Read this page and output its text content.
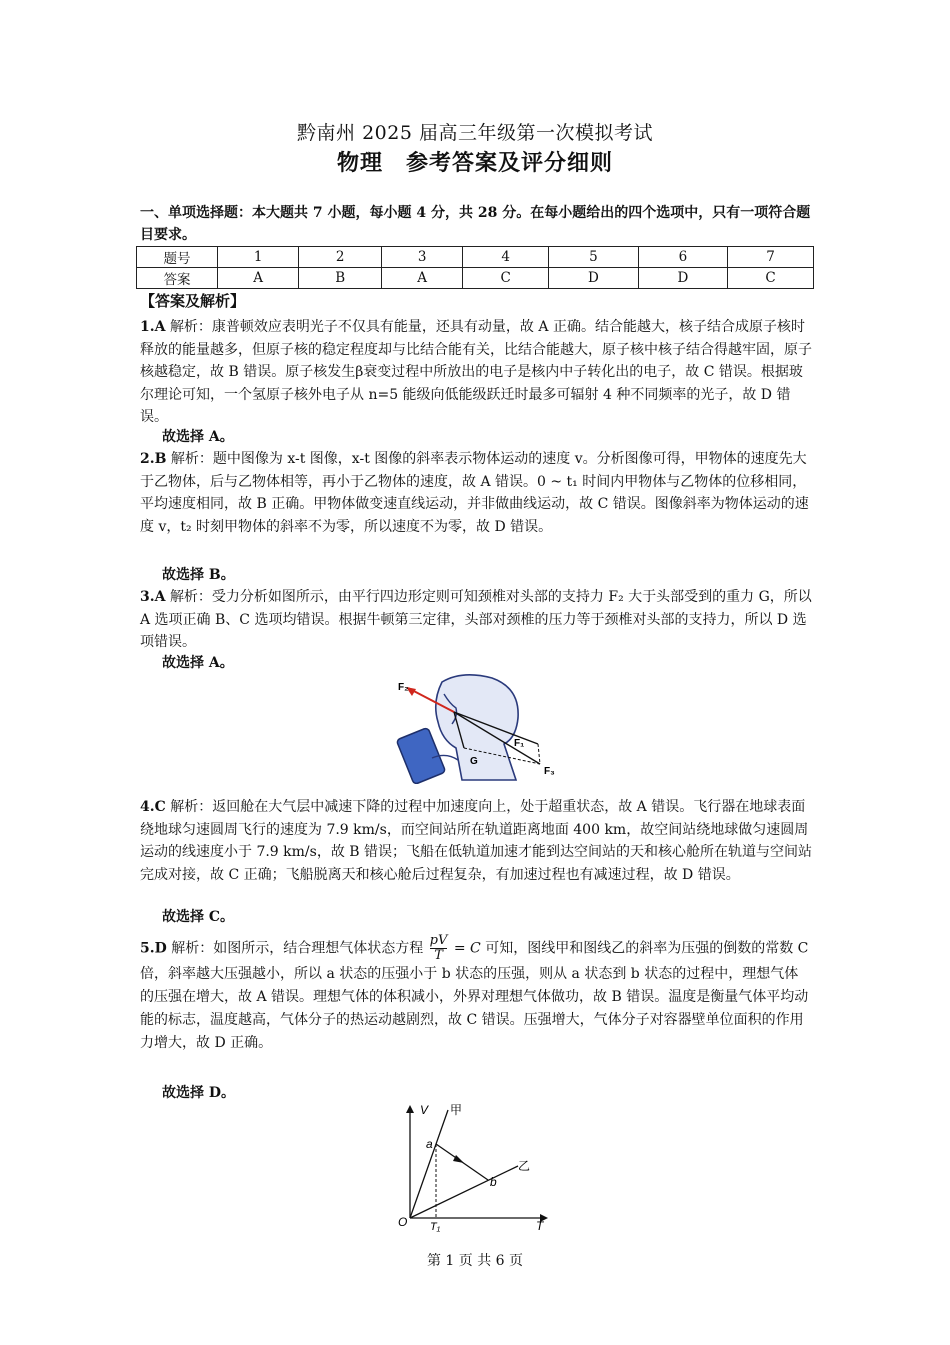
黔南州 2025 届高三年级第一次模拟考试
物理　参考答案及评分细则
一、单项选择题：本大题共 7 小题，每小题 4 分，共 28 分。在每小题给出的四个选项中，只有一项符合题目要求。
题号	1	2	3	4	5	6	7
答案	A	B	A	C	D	D	C
【答案及解析】

1.A 解析：康普顿效应表明光子不仅具有能量，还具有动量，故 A 正确。结合能越大，核子结合成原子核时释放的能量越多，但原子核的稳定程度却与比结合能有关，比结合能越大，原子核中核子结合得越牢固，原子核越稳定，故 B 错误。原子核发生β衰变过程中所放出的电子是核内中子转化出的电子，故 C 错误。根据玻尔理论可知，一个氢原子核外电子从 n=5 能级向低能级跃迁时最多可辐射 4 种不同频率的光子，故 D 错误。

故选择 A。

2.B 解析：题中图像为 x-t 图像，x-t 图像的斜率表示物体运动的速度 v。分析图像可得，甲物体的速度先大于乙物体，后与乙物体相等，再小于乙物体的速度，故 A 错误。0 ~ t₁ 时间内甲物体与乙物体的位移相同，平均速度相同，故 B 正确。甲物体做变速直线运动，并非做曲线运动，故 C 错误。图像斜率为物体运动的速度 v，t₂ 时刻甲物体的斜率不为零，所以速度不为零，故 D 错误。

故选择 B。

3.A 解析：受力分析如图所示，由平行四边形定则可知颈椎对头部的支持力 F₂ 大于头部受到的重力 G，所以 A 选项正确 B、C 选项均错误。根据牛顿第三定律，头部对颈椎的压力等于颈椎对头部的支持力，所以 D 选项错误。

故选择 A。
F₂
F₁
G
F₃

4.C 解析：返回舱在大气层中减速下降的过程中加速度向上，处于超重状态，故 A 错误。飞行器在地球表面绕地球匀速圆周飞行的速度为 7.9 km/s，而空间站所在轨道距离地面 400 km，故空间站绕地球做匀速圆周运动的线速度小于 7.9 km/s，故 B 错误；飞船在低轨道加速才能到达空间站的天和核心舱所在轨道与空间站完成对接，故 C 正确；飞船脱离天和核心舱后过程复杂，有加速过程也有减速过程，故 D 错误。

故选择 C。

5.D 解析：如图所示，结合理想气体状态方程 $\frac{pV}{T} = C$ 可知，图线甲和图线乙的斜率为压强的倒数的常数 C 倍，斜率越大压强越小，所以 a 状态的压强小于 b 状态的压强，则从 a 状态到 b 状态的过程中，理想气体的压强在增大，故 A 错误。理想气体的体积减小，外界对理想气体做功，故 B 错误。温度是衡量气体平均动能的标志，温度越高，气体分子的热运动越剧烈，故 C 错误。压强增大，气体分子对容器壁单位面积的作用力增大，故 D 正确。

故选择 D。
V 甲
乙
a
b
O	T
T₁
第 1 页 共 6 页
